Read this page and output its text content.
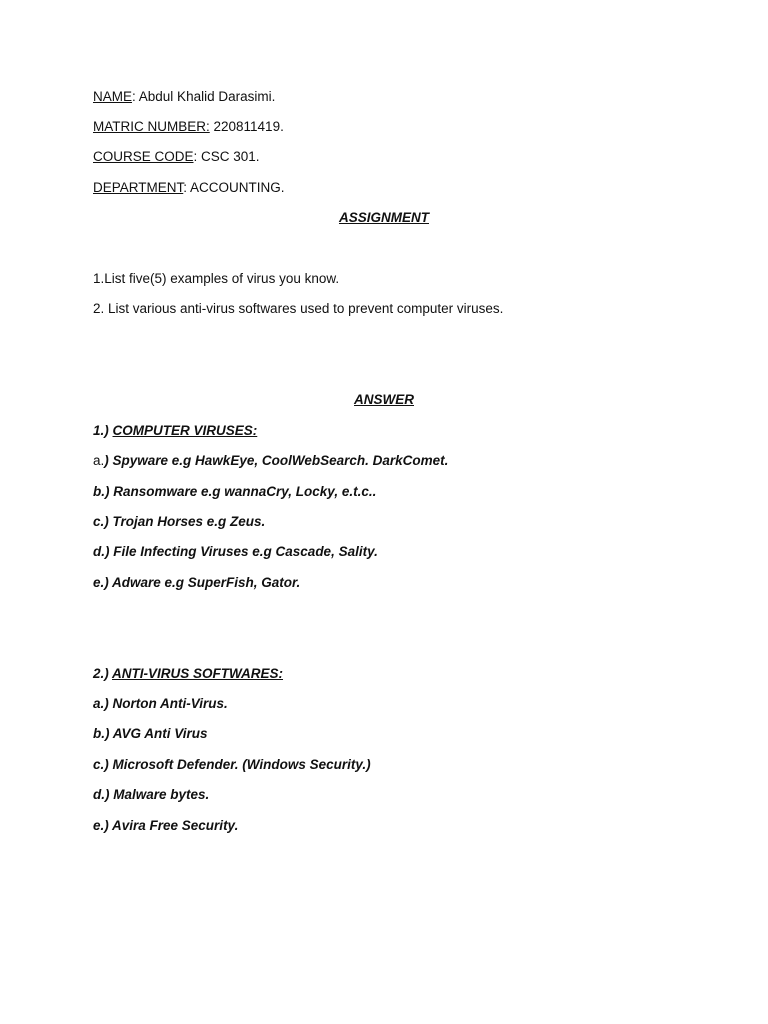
NAME: Abdul Khalid Darasimi.
MATRIC NUMBER: 220811419.
COURSE CODE: CSC 301.
DEPARTMENT: ACCOUNTING.
ASSIGNMENT
1.List five(5) examples of virus you know.
2. List various anti-virus softwares used to prevent computer viruses.
ANSWER
1.) COMPUTER VIRUSES:
a.) Spyware e.g HawkEye, CoolWebSearch. DarkComet.
b.) Ransomware e.g wannaCry, Locky, e.t.c..
c.) Trojan Horses e.g Zeus.
d.) File Infecting Viruses e.g Cascade, Sality.
e.) Adware e.g SuperFish, Gator.
2.) ANTI-VIRUS SOFTWARES:
a.) Norton Anti-Virus.
b.) AVG Anti Virus
c.) Microsoft Defender. (Windows Security.)
d.) Malware bytes.
e.) Avira Free Security.
